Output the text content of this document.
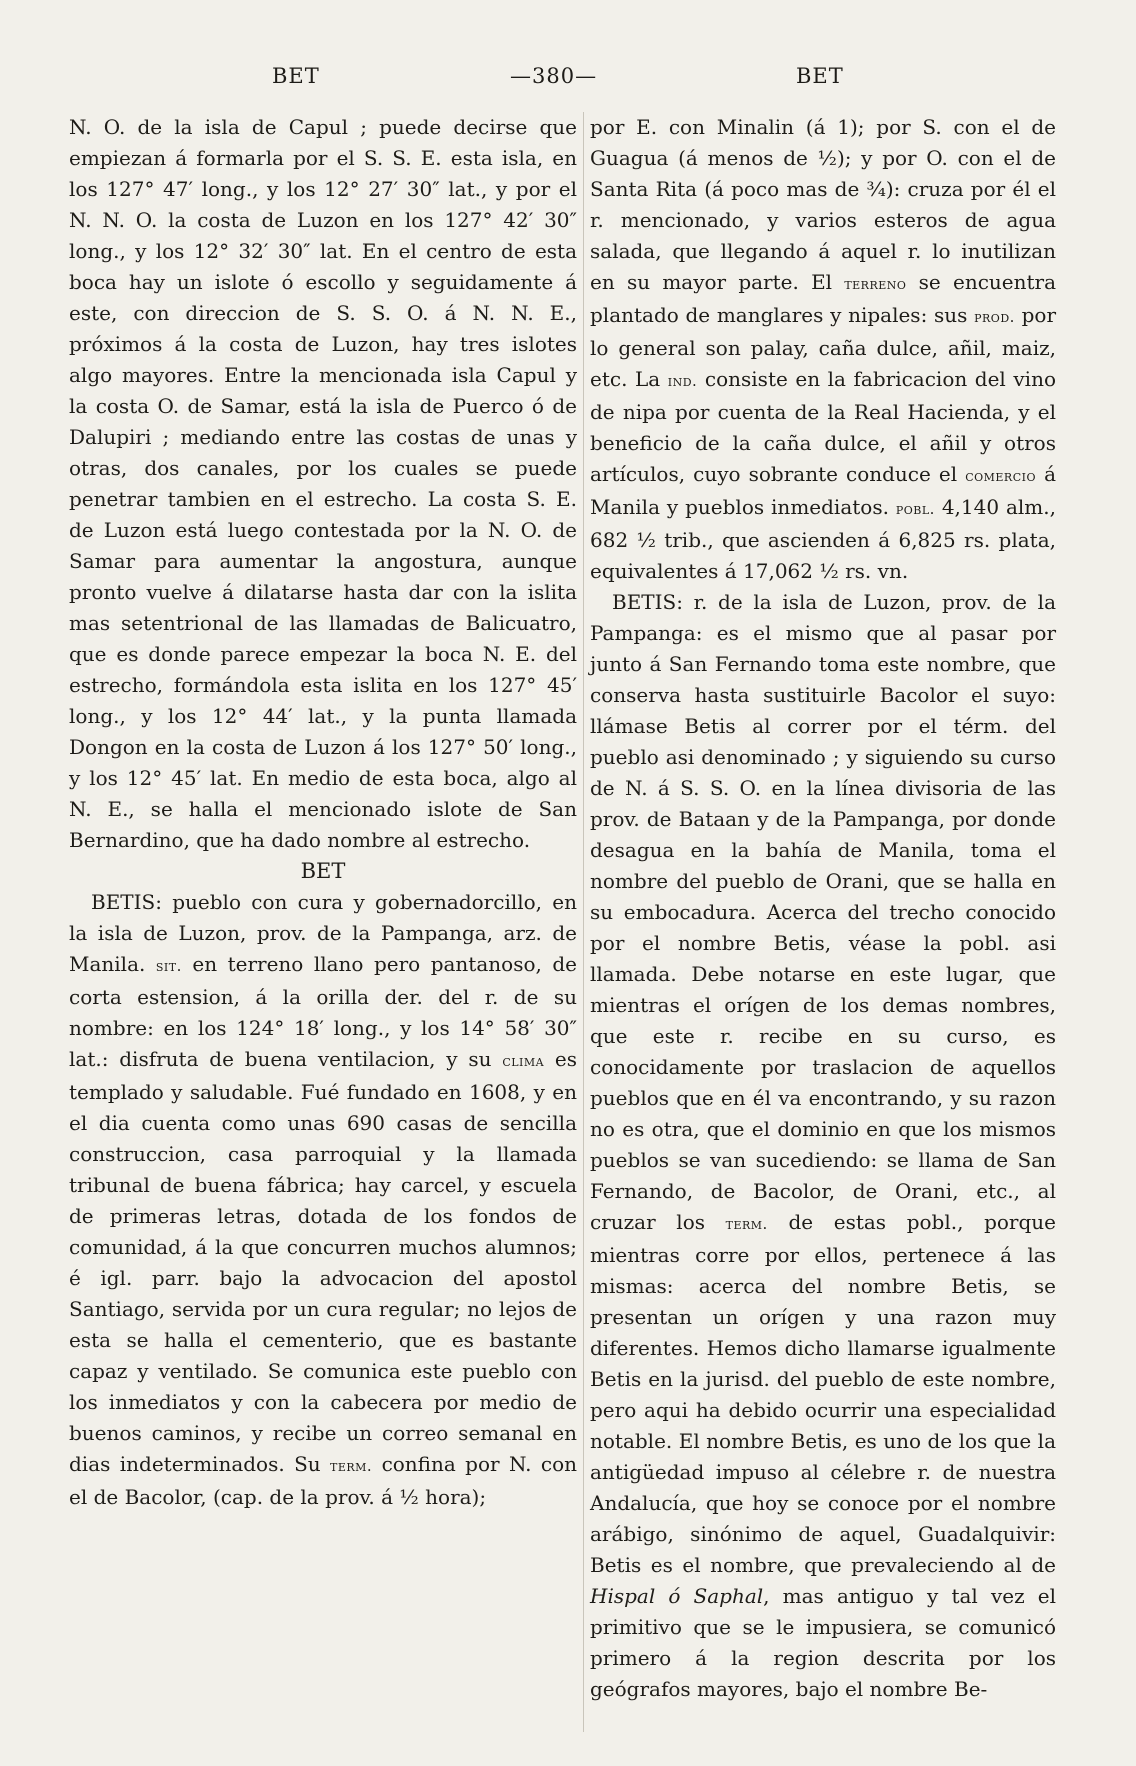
BET	—380—	BET

N. O. de la isla de Capul ; puede decirse que empiezan á formarla por el S. S. E. esta isla, en los 127° 47′ long., y los 12° 27′ 30″ lat., y por el N. N. O. la costa de Luzon en los 127° 42′ 30″ long., y los 12° 32′ 30″ lat. En el centro de esta boca hay un islote ó escollo y seguidamente á este, con direccion de S. S. O. á N. N. E., próximos á la costa de Luzon, hay tres islotes algo mayores. Entre la mencionada isla Capul y la costa O. de Samar, está la isla de Puerco ó de Dalupiri ; mediando entre las costas de unas y otras, dos canales, por los cuales se puede penetrar tambien en el estrecho. La costa S. E. de Luzon está luego contestada por la N. O. de Samar para aumentar la angostura, aunque pronto vuelve á dilatarse hasta dar con la islita mas setentrional de las llamadas de Balicuatro, que es donde parece empezar la boca N. E. del estrecho, formándola esta islita en los 127° 45′ long., y los 12° 44′ lat., y la punta llamada Dongon en la costa de Luzon á los 127° 50′ long., y los 12° 45′ lat. En medio de esta boca, algo al N. E., se halla el mencionado islote de San Bernardino, que ha dado nombre al estrecho.

BET

BETIS: pueblo con cura y gobernadorcillo, en la isla de Luzon, prov. de la Pampanga, arz. de Manila. sit. en terreno llano pero pantanoso, de corta estension, á la orilla der. del r. de su nombre: en los 124° 18′ long., y los 14° 58′ 30″ lat.: disfruta de buena ventilacion, y su clima es templado y saludable. Fué fundado en 1608, y en el dia cuenta como unas 690 casas de sencilla construccion, casa parroquial y la llamada tribunal de buena fábrica; hay carcel, y escuela de primeras letras, dotada de los fondos de comunidad, á la que concurren muchos alumnos; é igl. parr. bajo la advocacion del apostol Santiago, servida por un cura regular; no lejos de esta se halla el cementerio, que es bastante capaz y ventilado. Se comunica este pueblo con los inmediatos y con la cabecera por medio de buenos caminos, y recibe un correo semanal en dias indeterminados. Su term. confina por N. con el de Bacolor, (cap. de la prov. á ½ hora);

por E. con Minalin (á 1); por S. con el de Guagua (á menos de ½); y por O. con el de Santa Rita (á poco mas de ¾): cruza por él el r. mencionado, y varios esteros de agua salada, que llegando á aquel r. lo inutilizan en su mayor parte. El terreno se encuentra plantado de manglares y nipales: sus prod. por lo general son palay, caña dulce, añil, maiz, etc. La ind. consiste en la fabricacion del vino de nipa por cuenta de la Real Hacienda, y el beneficio de la caña dulce, el añil y otros artículos, cuyo sobrante conduce el comercio á Manila y pueblos inmediatos. pobl. 4,140 alm., 682 ½ trib., que ascienden á 6,825 rs. plata, equivalentes á 17,062 ½ rs. vn.

BETIS: r. de la isla de Luzon, prov. de la Pampanga: es el mismo que al pasar por junto á San Fernando toma este nombre, que conserva hasta sustituirle Bacolor el suyo: llámase Betis al correr por el térm. del pueblo asi denominado ; y siguiendo su curso de N. á S. S. O. en la línea divisoria de las prov. de Bataan y de la Pampanga, por donde desagua en la bahía de Manila, toma el nombre del pueblo de Orani, que se halla en su embocadura. Acerca del trecho conocido por el nombre Betis, véase la pobl. asi llamada. Debe notarse en este lugar, que mientras el orígen de los demas nombres, que este r. recibe en su curso, es conocidamente por traslacion de aquellos pueblos que en él va encontrando, y su razon no es otra, que el dominio en que los mismos pueblos se van sucediendo: se llama de San Fernando, de Bacolor, de Orani, etc., al cruzar los term. de estas pobl., porque mientras corre por ellos, pertenece á las mismas: acerca del nombre Betis, se presentan un orígen y una razon muy diferentes. Hemos dicho llamarse igualmente Betis en la jurisd. del pueblo de este nombre, pero aqui ha debido ocurrir una especialidad notable. El nombre Betis, es uno de los que la antigüedad impuso al célebre r. de nuestra Andalucía, que hoy se conoce por el nombre arábigo, sinónimo de aquel, Guadalquivir: Betis es el nombre, que prevaleciendo al de Hispal ó Saphal, mas antiguo y tal vez el primitivo que se le impusiera, se comunicó primero á la region descrita por los geógrafos mayores, bajo el nombre Be-
